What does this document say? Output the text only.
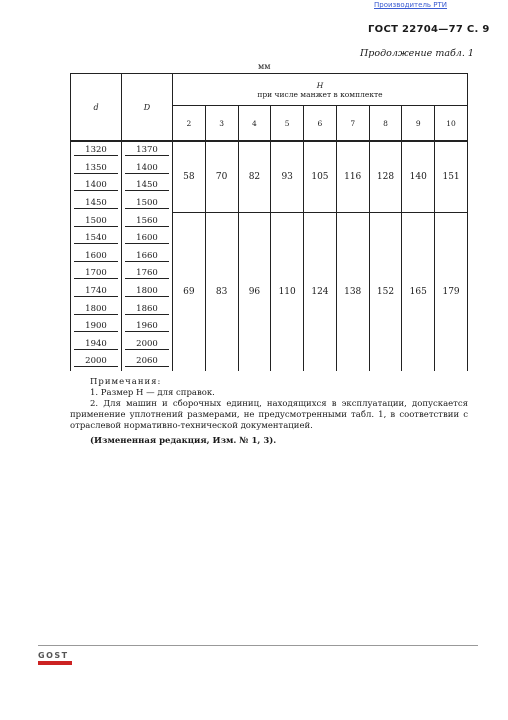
Производитель РТИ
ГОСТ 22704—77 С. 9
Продолжение табл. 1
мм
d	D	H
при числе манжет в комплекте								

		2	3	4	5	6	7	8	9	10
1320	1370	58	70	82	93	105	116	128	140	151
1350	1400									
1400	1450									
1450	1500									
1500	1560	69	83	96	110	124	138	152	165	179
1540	1600									
1600	1660									
1700	1760									
1740	1800									
1800	1860									
1900	1960									
1940	2000									
2000	2060									

Примечания:

1. Размер H — для справок.

2. Для машин и сборочных единиц, находящихся в эксплуатации, допускается применение уплотнений размерами, не предусмотренными табл. 1, в соответствии с отраслевой нормативно-технической документацией.

(Измененная редакция, Изм. № 1, 3).

GOST
